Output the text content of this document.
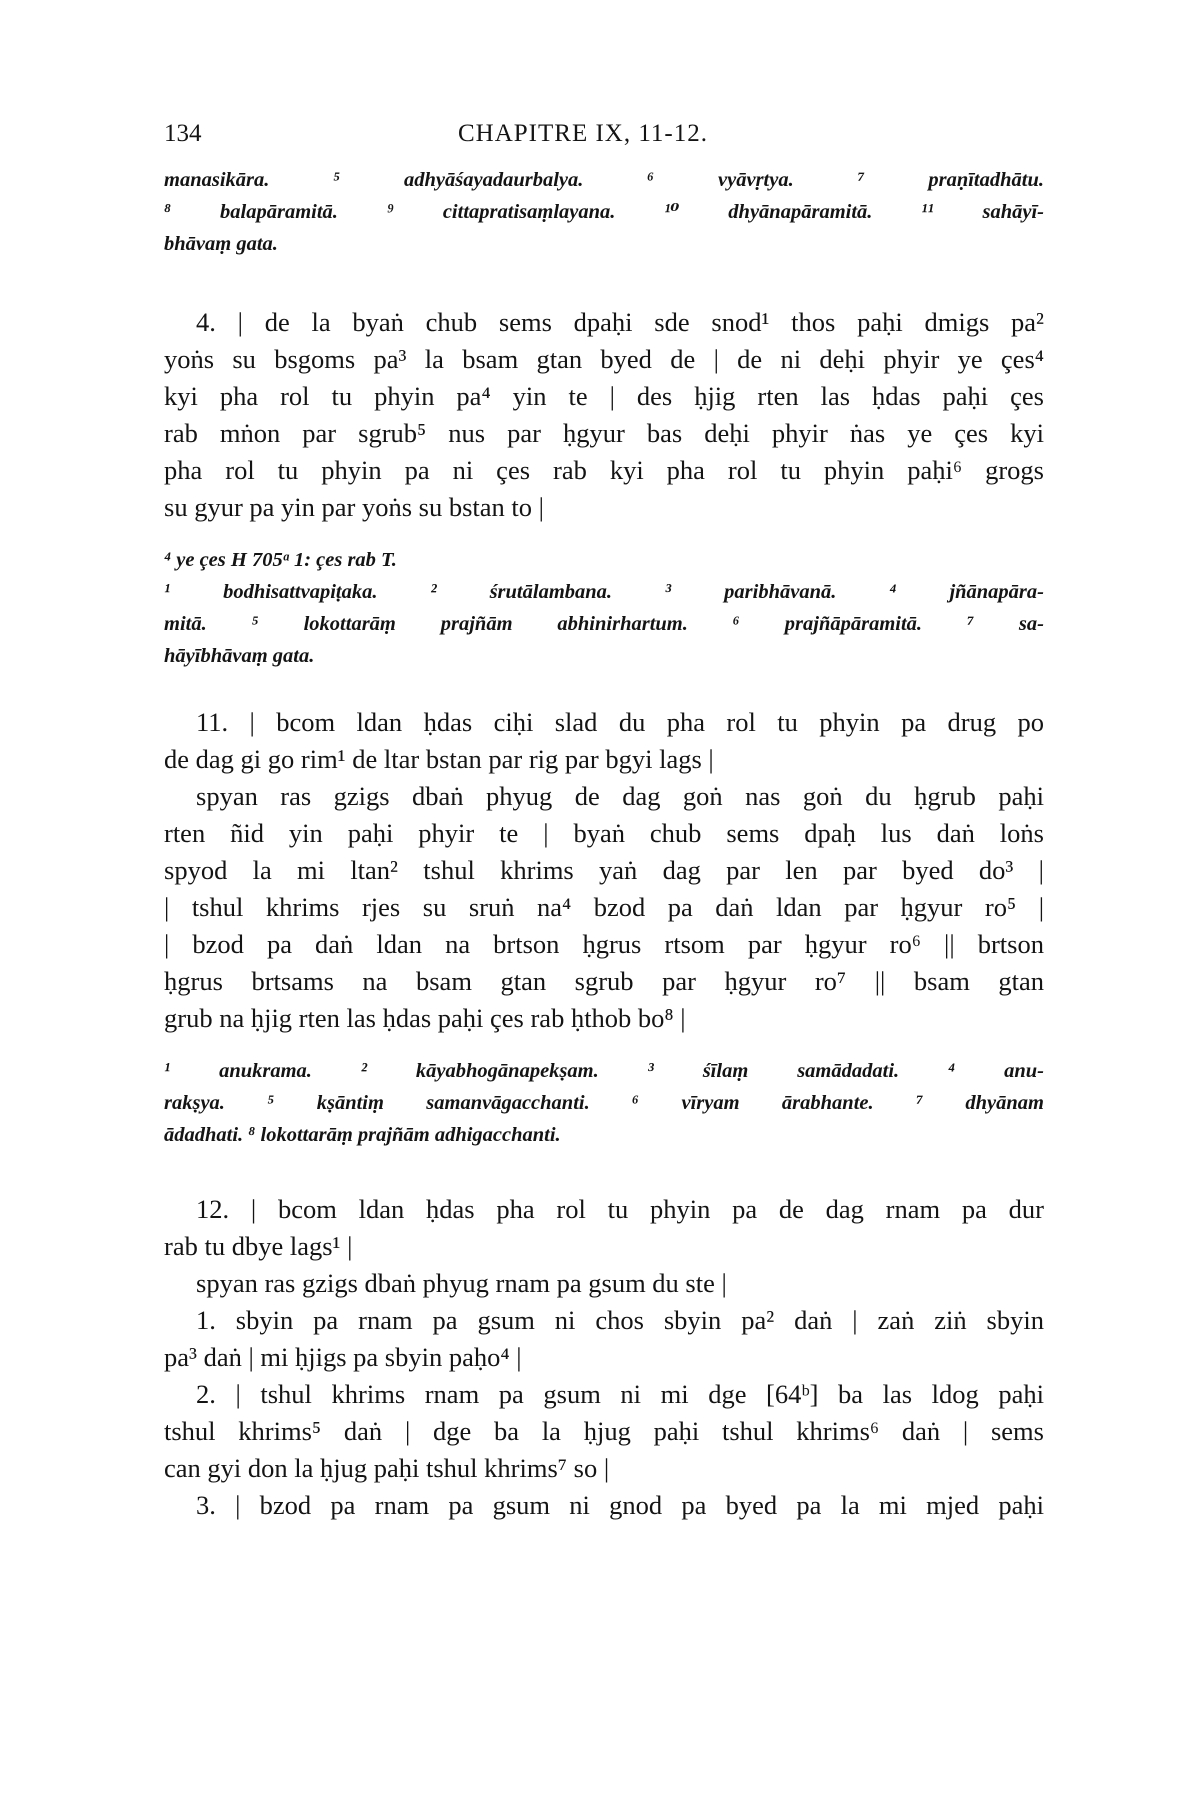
134	CHAPITRE IX, 11-12.
manasikāra. ⁵ adhyāśayadaurbalya. ⁶ vyāvṛtya. ⁷ praṇītadhātu.
⁸ balapāramitā. ⁹ cittapratisaṃlayana. ¹⁰ dhyānapāramitā. ¹¹ sahāyī-
bhāvaṃ gata.
4. | de la byaṅ chub sems dpaḥi sde snod¹ thos paḥi dmigs pa²
yoṅs su bsgoms pa³ la bsam gtan byed de | de ni deḥi phyir ye çes⁴
kyi pha rol tu phyin pa⁴ yin te | des ḥjig rten las ḥdas paḥi çes
rab mṅon par sgrub⁵ nus par ḥgyur bas deḥi phyir ṅas ye çes kyi
pha rol tu phyin pa ni çes rab kyi pha rol tu phyin paḥi⁶ grogs
su gyur pa yin par yoṅs su bstan to |
⁴ ye çes H 705ᵃ 1: çes rab T.
¹ bodhisattvapiṭaka. ² śrutālambana. ³ paribhāvanā. ⁴ jñānapāra-
mitā. ⁵ lokottarāṃ prajñām abhinirhartum. ⁶ prajñāpāramitā. ⁷ sa-
hāyībhāvaṃ gata.
11. | bcom ldan ḥdas ciḥi slad du pha rol tu phyin pa drug po
de dag gi go rim¹ de ltar bstan par rig par bgyi lags |
spyan ras gzigs dbaṅ phyug de dag goṅ nas goṅ du ḥgrub paḥi
rten ñid yin paḥi phyir te | byaṅ chub sems dpaḥ lus daṅ loṅs
spyod la mi ltan² tshul khrims yaṅ dag par len par byed do³ |
| tshul khrims rjes su sruṅ na⁴ bzod pa daṅ ldan par ḥgyur ro⁵ |
| bzod pa daṅ ldan na brtson ḥgrus rtsom par ḥgyur ro⁶ || brtson
ḥgrus brtsams na bsam gtan sgrub par ḥgyur ro⁷ || bsam gtan
grub na ḥjig rten las ḥdas paḥi çes rab ḥthob bo⁸ |
¹ anukrama. ² kāyabhogānapekṣam. ³ śīlaṃ samādadati. ⁴ anu-
rakṣya. ⁵ kṣāntiṃ samanvāgacchanti. ⁶ vīryam ārabhante. ⁷ dhyānam
ādadhati. ⁸ lokottarāṃ prajñām adhigacchanti.
12. | bcom ldan ḥdas pha rol tu phyin pa de dag rnam pa dur
rab tu dbye lags¹ |
spyan ras gzigs dbaṅ phyug rnam pa gsum du ste |
1. sbyin pa rnam pa gsum ni chos sbyin pa² daṅ | zaṅ ziṅ sbyin
pa³ daṅ | mi ḥjigs pa sbyin paḥo⁴ |
2. | tshul khrims rnam pa gsum ni mi dge [64ᵇ] ba las ldog paḥi
tshul khrims⁵ daṅ | dge ba la ḥjug paḥi tshul khrims⁶ daṅ | sems
can gyi don la ḥjug paḥi tshul khrims⁷ so |
3. | bzod pa rnam pa gsum ni gnod pa byed pa la mi mjed paḥi
